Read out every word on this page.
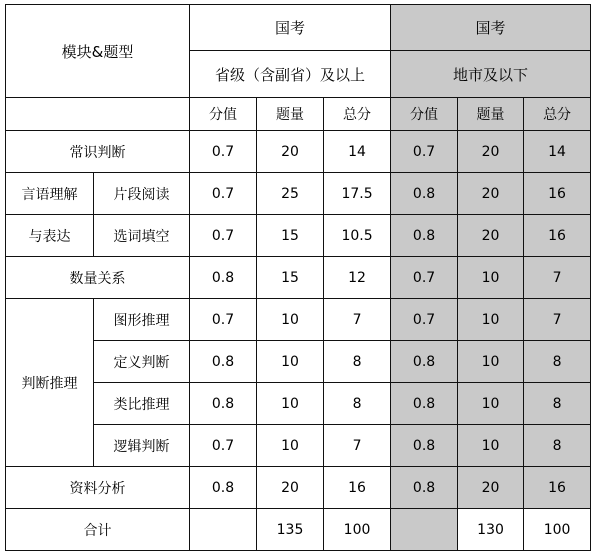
模块&题型		国考			国考		
		省级（含副省）及以上			地市及以下		
		分值	题量	总分	分值	题量	总分
常识判断		0.7	20	14	0.7	20	14
言语理解	片段阅读	0.7	25	17.5	0.8	20	16
与表达	选词填空	0.7	15	10.5	0.8	20	16
数量关系		0.8	15	12	0.7	10	7
判断推理	图形推理	0.7	10	7	0.7	10	7
	定义判断	0.8	10	8	0.8	10	8
	类比推理	0.8	10	8	0.8	10	8
	逻辑判断	0.7	10	7	0.8	10	8
资料分析		0.8	20	16	0.8	20	16
合计			135	100		130	100
